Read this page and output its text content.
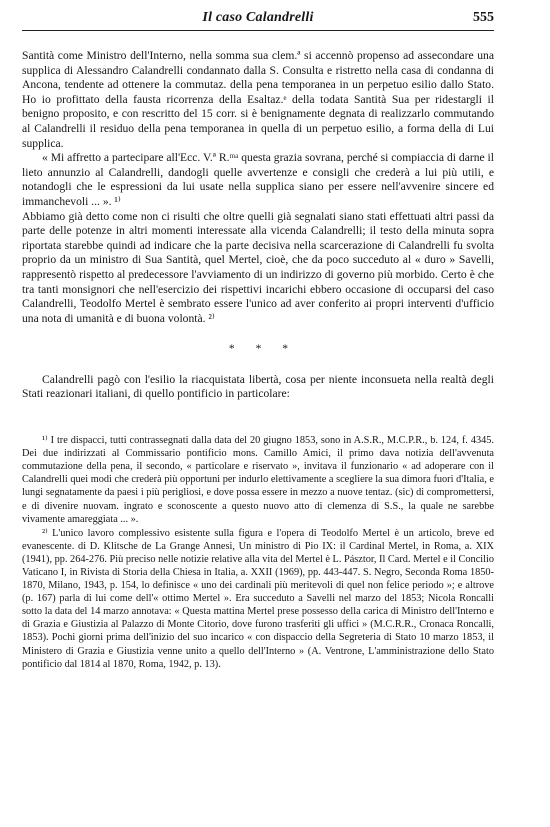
Il caso Calandrelli	555

Santità come Ministro dell'Interno, nella somma sua clem.ª si accennò propenso ad assecondare una supplica di Alessandro Calandrelli condannato dalla S. Consulta e ristretto nella casa di condanna di Ancona, tendente ad ottenere la commutaz. della pena temporanea in un perpetuo esilio dallo Stato. Ho io profittato della fausta ricorrenza della Esaltaz.ᵉ della todata Santità Sua per ridestargli il benigno proposito, e con rescritto del 15 corr. si è benignamente degnata di realizzarlo commutando al Calandrelli il residuo della pena temporanea in quella di un perpetuo esilio, a forma della di Lui supplica.

« Mi affretto a partecipare all'Ecc. V.ª R.ᵐᵃ questa grazia sovrana, perché si compiaccia di darne il lieto annunzio al Calandrelli, dandogli quelle avvertenze e consigli che crederà a lui più utili, e notandogli che le espressioni da lui usate nella supplica siano per essere nell'avvenire sincere ed immanchevoli ... ». ¹⁾

Abbiamo già detto come non ci risulti che oltre quelli già segnalati siano stati effettuati altri passi da parte delle potenze in altri momenti interessate alla vicenda Calandrelli; il testo della minuta sopra riportata starebbe quindi ad indicare che la parte decisiva nella scarcerazione di Calandrelli fu svolta proprio da un ministro di Sua Santità, quel Mertel, cioè, che da poco succeduto al « duro » Savelli, rappresentò rispetto al predecessore l'avviamento di un indirizzo di governo più morbido. Certo è che tra tanti monsignori che nell'esercizio dei rispettivi incarichi ebbero occasione di occuparsi del caso Calandrelli, Teodolfo Mertel è sembrato essere l'unico ad aver conferito ai propri interventi d'ufficio una nota di umanità e di buona volontà. ²⁾

* * *

Calandrelli pagò con l'esilio la riacquistata libertà, cosa per niente inconsueta nella realtà degli Stati reazionari italiani, di quello pontificio in particolare:

¹⁾ I tre dispacci, tutti contrassegnati dalla data del 20 giugno 1853, sono in A.S.R., M.C.P.R., b. 124, f. 4345. Dei due indirizzati al Commissario pontificio mons. Camillo Amici, il primo dava notizia dell'avvenuta commutazione della pena, il secondo, « particolare e riservato », invitava il funzionario « ad adoperare con il Calandrelli quei modi che crederà più opportuni per indurlo elettivamente a scegliere la sua dimora fuori d'Italia, e lungi segnatamente da paesi i più perigliosi, e dove possa essere in mezzo a nuove tentaz. (sic) di compromettersi, e di divenire nuovam. ingrato e sconoscente a questo nuovo atto di clemenza di S.S., la quale ne sarebbe vivamente amareggiata ... ».

²⁾ L'unico lavoro complessivo esistente sulla figura e l'opera di Teodolfo Mertel è un articolo, breve ed evanescente. di D. Klitsche de La Grange Annesi, Un ministro di Pio IX: il Cardinal Mertel, in Roma, a. XIX (1941), pp. 264-276. Più preciso nelle notizie relative alla vita del Mertel è L. Pásztor, Il Card. Mertel e il Concilio Vaticano I, in Rivista di Storia della Chiesa in Italia, a. XXII (1969), pp. 443-447. S. Negro, Seconda Roma 1850-1870, Milano, 1943, p. 154, lo definisce « uno dei cardinali più meritevoli di quel non felice periodo »; e altrove (p. 167) parla di lui come dell'« ottimo Mertel ». Era succeduto a Savelli nel marzo del 1853; Nicola Roncalli sotto la data del 14 marzo annotava: « Questa mattina Mertel prese possesso della carica di Ministro dell'Interno e di Grazia e Giustizia al Palazzo di Monte Citorio, dove furono trasferiti gli uffici » (M.C.R.R., Cronaca Roncalli, 1853). Pochi giorni prima dell'inizio del suo incarico « con dispaccio della Segreteria di Stato 10 marzo 1853, il Ministero di Grazia e Giustizia venne unito a quello dell'Interno » (A. Ventrone, L'amministrazione dello Stato pontificio dal 1814 al 1870, Roma, 1942, p. 13).
